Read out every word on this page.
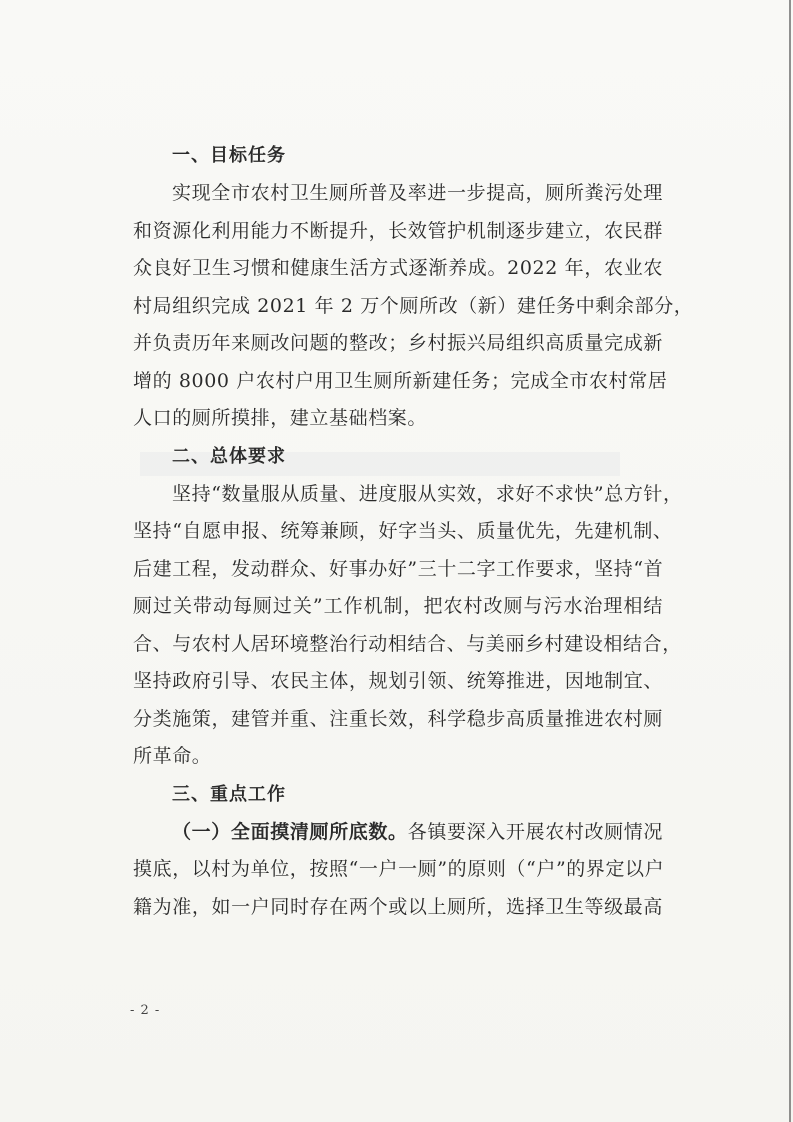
一、目标任务
实现全市农村卫生厕所普及率进一步提高，厕所粪污处理
和资源化利用能力不断提升，长效管护机制逐步建立，农民群
众良好卫生习惯和健康生活方式逐渐养成。2022 年，农业农
村局组织完成 2021 年 2 万个厕所改（新）建任务中剩余部分，
并负责历年来厕改问题的整改；乡村振兴局组织高质量完成新
增的 8000 户农村户用卫生厕所新建任务；完成全市农村常居
人口的厕所摸排，建立基础档案。
二、总体要求
坚持“数量服从质量、进度服从实效，求好不求快”总方针，
坚持“自愿申报、统筹兼顾，好字当头、质量优先，先建机制、
后建工程，发动群众、好事办好”三十二字工作要求，坚持“首
厕过关带动每厕过关”工作机制，把农村改厕与污水治理相结
合、与农村人居环境整治行动相结合、与美丽乡村建设相结合，
坚持政府引导、农民主体，规划引领、统筹推进，因地制宜、
分类施策，建管并重、注重长效，科学稳步高质量推进农村厕
所革命。
三、重点工作
（一）全面摸清厕所底数。各镇要深入开展农村改厕情况
摸底，以村为单位，按照“一户一厕”的原则（“户”的界定以户
籍为准，如一户同时存在两个或以上厕所，选择卫生等级最高
- 2 -
